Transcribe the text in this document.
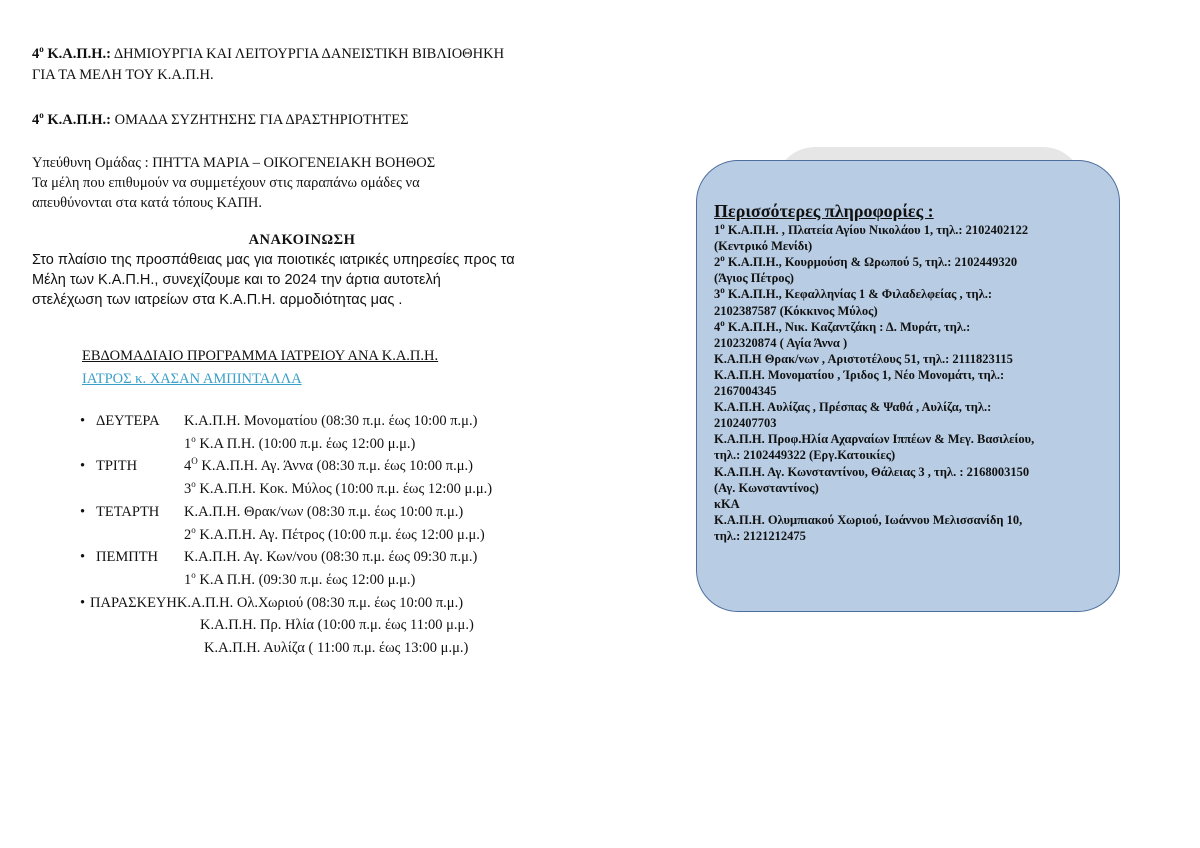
$4^o$ Κ.Α.Π.Η.: ΔΗΜΙΟΥΡΓΙΑ ΚΑΙ ΛΕΙΤΟΥΡΓΙΑ ΔΑΝΕΙΣΤΙΚΗ ΒΙΒΛΙΟΘΗΚΗ
ΓΙΑ ΤΑ ΜΕΛΗ ΤΟΥ Κ.Α.Π.Η.
$4^o$ Κ.Α.Π.Η.: ΟΜΑΔΑ ΣΥΖΗΤΗΣΗΣ ΓΙΑ ΔΡΑΣΤΗΡΙΟΤΗΤΕΣ
Υπεύθυνη Ομάδας : ΠΗΤΤΑ ΜΑΡΙΑ – ΟΙΚΟΓΕΝΕΙΑΚΗ ΒΟΗΘΟΣ
Τα μέλη που επιθυμούν να συμμετέχουν στις παραπάνω ομάδες να
απευθύνονται στα κατά τόπους ΚΑΠΗ.
ΑΝΑΚΟΙΝΩΣΗ
Στο πλαίσιο της προσπάθειας μας για ποιοτικές ιατρικές υπηρεσίες προς τα
Μέλη των Κ.Α.Π.Η., συνεχίζουμε και το 2024 την άρτια αυτοτελή
στελέχωση των ιατρείων στα Κ.Α.Π.Η. αρμοδιότητας μας .
ΕΒΔΟΜΑΔΙΑΙΟ ΠΡΟΓΡΑΜΜΑ ΙΑΤΡΕΙΟΥ ΑΝΑ Κ.Α.Π.Η.
ΙΑΤΡΟΣ κ. ΧΑΣΑΝ ΑΜΠΙΝΤΑΛΛΑ
• ΔΕΥΤΕΡΑ	Κ.Α.Π.Η. Μονοματίου (08:30 π.μ. έως 10:00 π.μ.)
$1^o$ Κ.Α Π.Η. (10:00 π.μ. έως 12:00 μ.μ.)
• ΤΡΙΤΗ	$4^O$ Κ.Α.Π.Η. Αγ. Άννα (08:30 π.μ. έως 10:00 π.μ.)
$3^o$ Κ.Α.Π.Η. Κοκ. Μύλος (10:00 π.μ. έως 12:00 μ.μ.)
• ΤΕΤΑΡΤΗ	Κ.Α.Π.Η. Θρακ/νων (08:30 π.μ. έως 10:00 π.μ.)
$2^o$ Κ.Α.Π.Η. Αγ. Πέτρος (10:00 π.μ. έως 12:00 μ.μ.)
• ΠΕΜΠΤΗ	Κ.Α.Π.Η. Αγ. Κων/νου (08:30 π.μ. έως 09:30 π.μ.)
$1^o$ Κ.Α Π.Η. (09:30 π.μ. έως 12:00 μ.μ.)
• ΠΑΡΑΣΚΕΥΗ Κ.Α.Π.Η. Ολ.Χωριού (08:30 π.μ. έως 10:00 π.μ.)
Κ.Α.Π.Η. Πρ. Ηλία (10:00 π.μ. έως 11:00 μ.μ.)
Κ.Α.Π.Η. Αυλίζα ( 11:00 π.μ. έως 13:00 μ.μ.)
Περισσότερες πληροφορίες :
$1^o$ Κ.Α.Π.Η. , Πλατεία Αγίου Νικολάου 1, τηλ.: 2102402122
(Κεντρικό Μενίδι)
$2^o$ Κ.Α.Π.Η., Κουρμούση & Ωρωπού 5, τηλ.: 2102449320
(Άγιος Πέτρος)
$3^o$ Κ.Α.Π.Η., Κεφαλληνίας 1 & Φιλαδελφείας , τηλ.:
2102387587 (Κόκκινος Μύλος)
$4^o$ Κ.Α.Π.Η., Νικ. Καζαντζάκη : Δ. Μυράτ, τηλ.:
2102320874 ( Αγία Άννα )
Κ.Α.Π.Η Θρακ/νων , Αριστοτέλους 51, τηλ.: 2111823115
Κ.Α.Π.Η. Μονοματίου , Ίριδος 1, Νέο Μονομάτι, τηλ.:
2167004345
Κ.Α.Π.Η. Αυλίζας , Πρέσπας & Ψαθά , Αυλίζα, τηλ.:
2102407703
Κ.Α.Π.Η. Προφ.Ηλία Αχαρναίων Ιππέων & Μεγ. Βασιλείου,
τηλ.: 2102449322 (Εργ.Κατοικίες)
Κ.Α.Π.Η. Αγ. Κωνσταντίνου, Θάλειας 3 , τηλ. : 2168003150
(Αγ. Κωνσταντίνος)
κΚΑ
Κ.Α.Π.Η. Ολυμπιακού Χωριού, Ιωάννου Μελισσανίδη 10,
τηλ.: 2121212475
